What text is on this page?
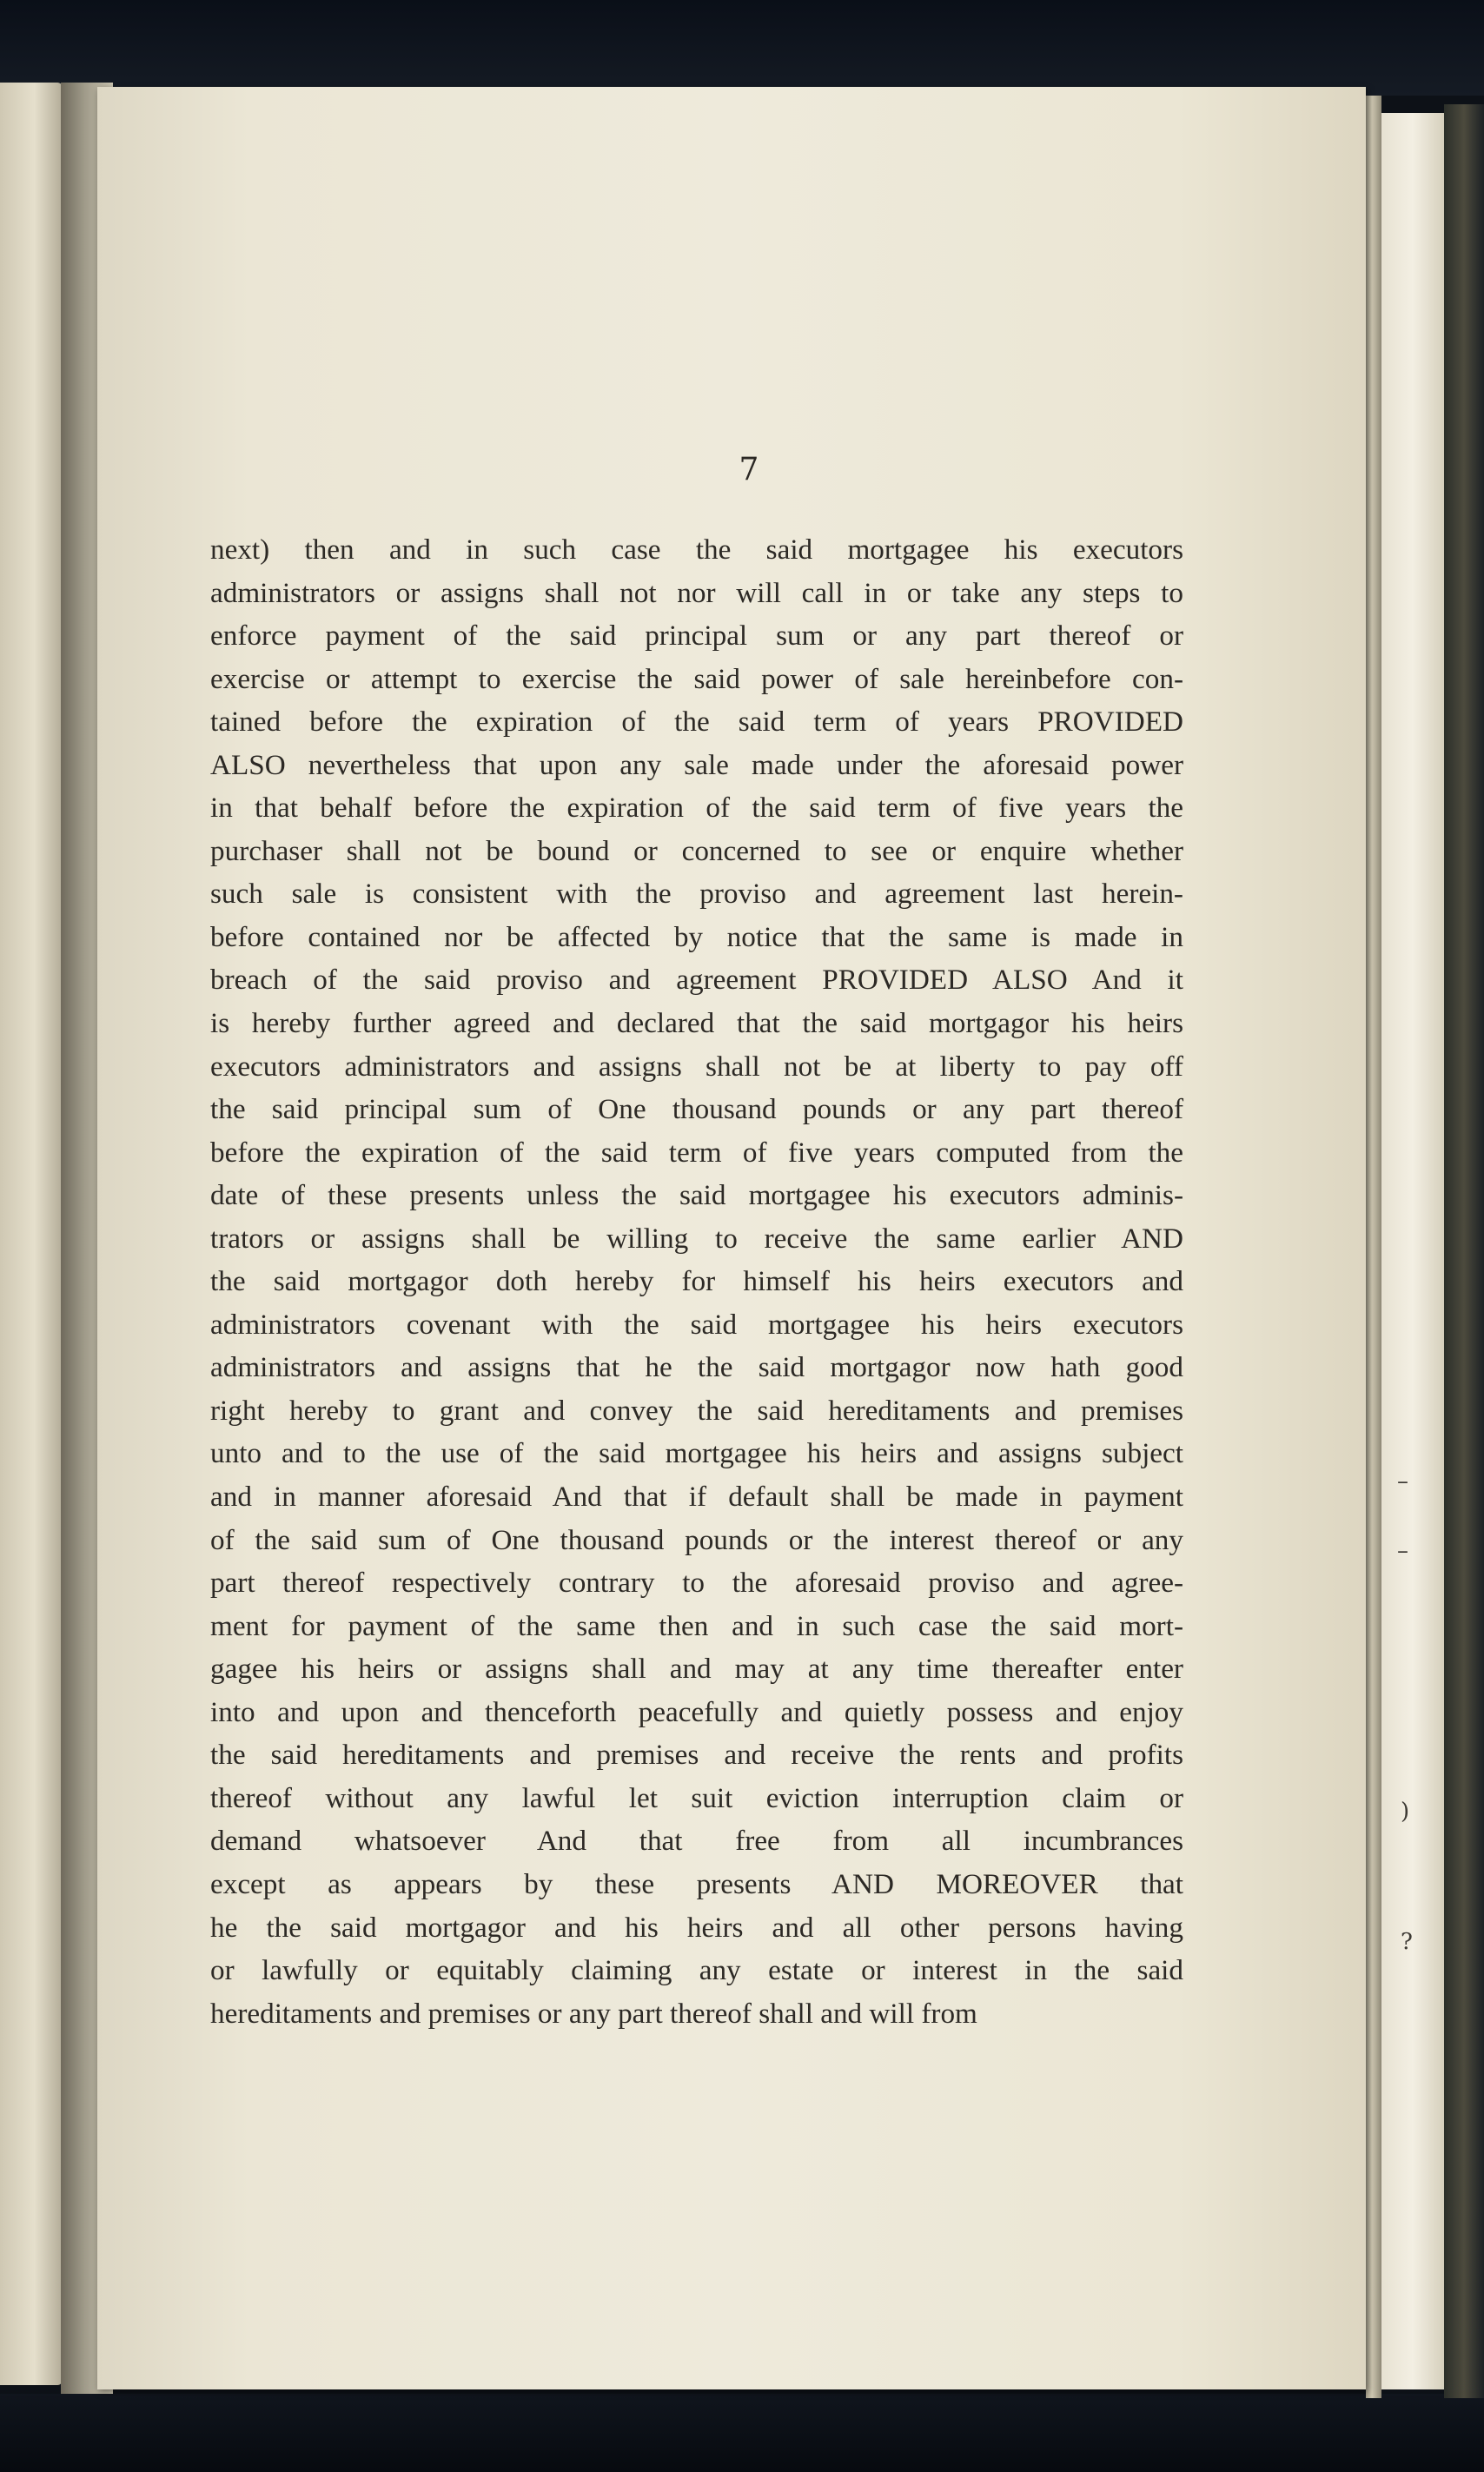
–
–
)
?
7
next) then and in such case the said mortgagee his executors
administrators or assigns shall not nor will call in or take any steps to
enforce payment of the said principal sum or any part thereof or
exercise or attempt to exercise the said power of sale hereinbefore con-
tained before the expiration of the said term of years PROVIDED
ALSO nevertheless that upon any sale made under the aforesaid power
in that behalf before the expiration of the said term of five years the
purchaser shall not be bound or concerned to see or enquire whether
such sale is consistent with the proviso and agreement last herein-
before contained nor be affected by notice that the same is made in
breach of the said proviso and agreement PROVIDED ALSO And it
is hereby further agreed and declared that the said mortgagor his heirs
executors administrators and assigns shall not be at liberty to pay off
the said principal sum of One thousand pounds or any part thereof
before the expiration of the said term of five years computed from the
date of these presents unless the said mortgagee his executors adminis-
trators or assigns shall be willing to receive the same earlier AND
the said mortgagor doth hereby for himself his heirs executors and
administrators covenant with the said mortgagee his heirs executors
administrators and assigns that he the said mortgagor now hath good
right hereby to grant and convey the said hereditaments and premises
unto and to the use of the said mortgagee his heirs and assigns subject
and in manner aforesaid And that if default shall be made in payment
of the said sum of One thousand pounds or the interest thereof or any
part thereof respectively contrary to the aforesaid proviso and agree-
ment for payment of the same then and in such case the said mort-
gagee his heirs or assigns shall and may at any time thereafter enter
into and upon and thenceforth peacefully and quietly possess and enjoy
the said hereditaments and premises and receive the rents and profits
thereof without any lawful let suit eviction interruption claim or
demand whatsoever And that free from all incumbrances
except as appears by these presents AND MOREOVER that
he the said mortgagor and his heirs and all other persons having
or lawfully or equitably claiming any estate or interest in the said
hereditaments and premises or any part thereof shall and will from
